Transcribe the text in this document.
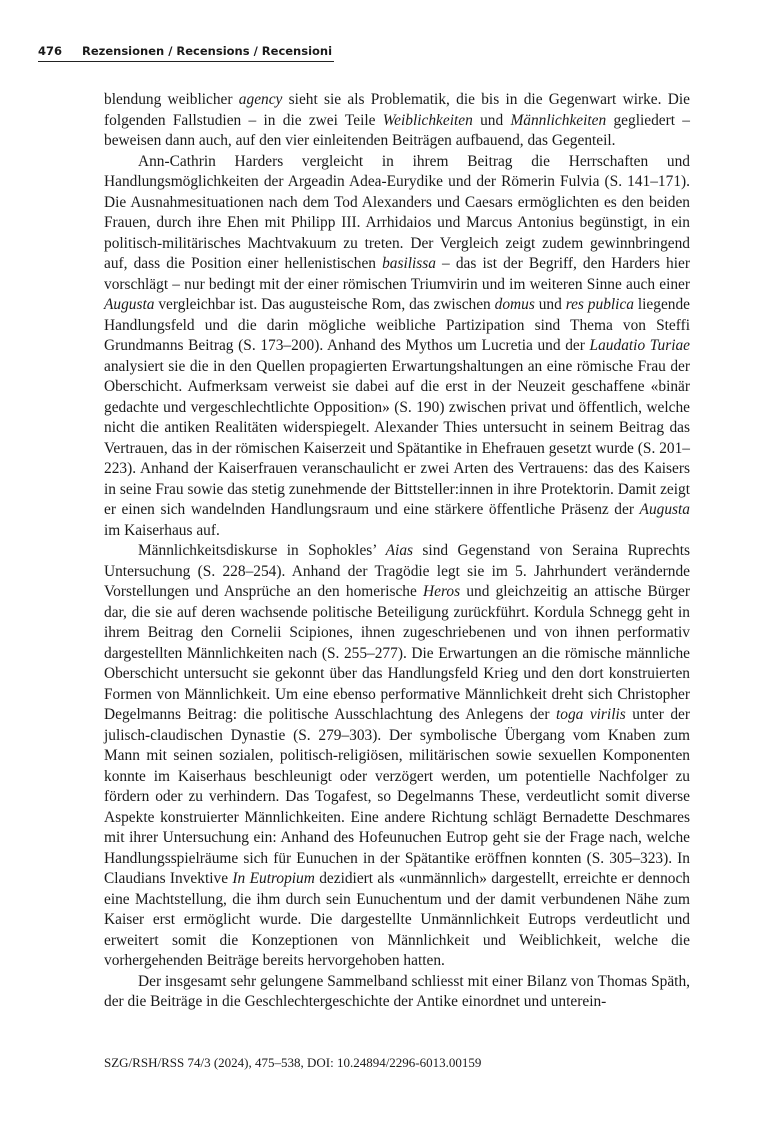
476 Rezensionen / Recensions / Recensioni

blendung weiblicher agency sieht sie als Problematik, die bis in die Gegenwart wirke. Die folgenden Fallstudien – in die zwei Teile Weiblichkeiten und Männlichkeiten gegliedert – beweisen dann auch, auf den vier einleitenden Beiträgen aufbauend, das Gegenteil.

Ann-Cathrin Harders vergleicht in ihrem Beitrag die Herrschaften und Handlungsmöglichkeiten der Argeadin Adea-Eurydike und der Römerin Fulvia (S. 141–171). Die Ausnahmesituationen nach dem Tod Alexanders und Caesars ermöglichten es den beiden Frauen, durch ihre Ehen mit Philipp III. Arrhidaios und Marcus Antonius begünstigt, in ein politisch-militärisches Machtvakuum zu treten. Der Vergleich zeigt zudem gewinnbringend auf, dass die Position einer hellenistischen basilissa – das ist der Begriff, den Harders hier vorschlägt – nur bedingt mit der einer römischen Triumvirin und im weiteren Sinne auch einer Augusta vergleichbar ist. Das augusteische Rom, das zwischen domus und res publica liegende Handlungsfeld und die darin mögliche weibliche Partizipation sind Thema von Steffi Grundmanns Beitrag (S. 173–200). Anhand des Mythos um Lucretia und der Laudatio Turiae analysiert sie die in den Quellen propagierten Erwartungshaltungen an eine römische Frau der Oberschicht. Aufmerksam verweist sie dabei auf die erst in der Neuzeit geschaffene «binär gedachte und vergeschlechtlichte Opposition» (S. 190) zwischen privat und öffentlich, welche nicht die antiken Realitäten widerspiegelt. Alexander Thies untersucht in seinem Beitrag das Vertrauen, das in der römischen Kaiserzeit und Spätantike in Ehefrauen gesetzt wurde (S. 201–223). Anhand der Kaiserfrauen veranschaulicht er zwei Arten des Vertrauens: das des Kaisers in seine Frau sowie das stetig zunehmende der Bittsteller:innen in ihre Protektorin. Damit zeigt er einen sich wandelnden Handlungsraum und eine stärkere öffentliche Präsenz der Augusta im Kaiserhaus auf.

Männlichkeitsdiskurse in Sophokles’ Aias sind Gegenstand von Seraina Ruprechts Untersuchung (S. 228–254). Anhand der Tragödie legt sie im 5. Jahrhundert verändernde Vorstellungen und Ansprüche an den homerische Heros und gleichzeitig an attische Bürger dar, die sie auf deren wachsende politische Beteiligung zurückführt. Kordula Schnegg geht in ihrem Beitrag den Cornelii Scipiones, ihnen zugeschriebenen und von ihnen performativ dargestellten Männlichkeiten nach (S. 255–277). Die Erwartungen an die römische männliche Oberschicht untersucht sie gekonnt über das Handlungsfeld Krieg und den dort konstruierten Formen von Männlichkeit. Um eine ebenso performative Männlichkeit dreht sich Christopher Degelmanns Beitrag: die politische Ausschlachtung des Anlegens der toga virilis unter der julisch-claudischen Dynastie (S. 279–303). Der symbolische Übergang vom Knaben zum Mann mit seinen sozialen, politisch-religiösen, militärischen sowie sexuellen Komponenten konnte im Kaiserhaus beschleunigt oder verzögert werden, um potentielle Nachfolger zu fördern oder zu verhindern. Das Togafest, so Degelmanns These, verdeutlicht somit diverse Aspekte konstruierter Männlichkeiten. Eine andere Richtung schlägt Bernadette Deschmares mit ihrer Untersuchung ein: Anhand des Hofeunuchen Eutrop geht sie der Frage nach, welche Handlungsspielräume sich für Eunuchen in der Spätantike eröffnen konnten (S. 305–323). In Claudians Invektive In Eutropium dezidiert als «unmännlich» dargestellt, erreichte er dennoch eine Machtstellung, die ihm durch sein Eunuchentum und der damit verbundenen Nähe zum Kaiser erst ermöglicht wurde. Die dargestellte Unmännlichkeit Eutrops verdeutlicht und erweitert somit die Konzeptionen von Männlichkeit und Weiblichkeit, welche die vorhergehenden Beiträge bereits hervorgehoben hatten.

Der insgesamt sehr gelungene Sammelband schliesst mit einer Bilanz von Thomas Späth, der die Beiträge in die Geschlechtergeschichte der Antike einordnet und unterein-

SZG/RSH/RSS 74/3 (2024), 475–538, DOI: 10.24894/2296-6013.00159
